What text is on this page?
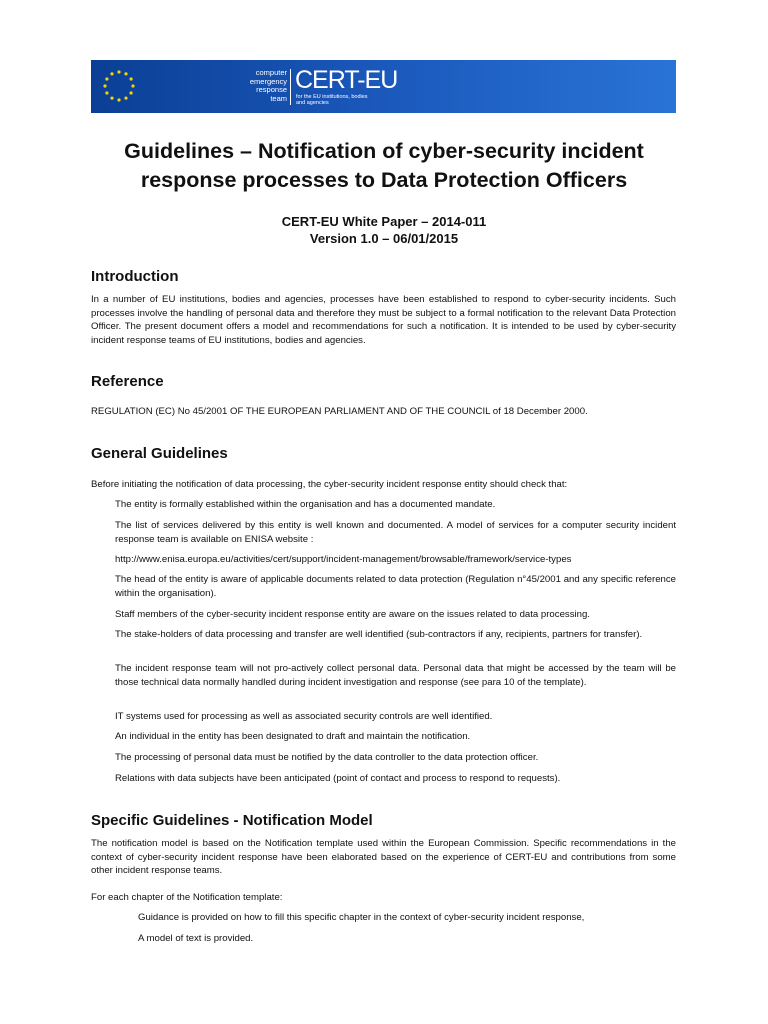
computer
emergency
response
team
CERT-EU
for the EU institutions, bodies
and agencies
Guidelines – Notification of cyber-security incident
response processes to Data Protection Officers
CERT-EU White Paper – 2014-011
Version 1.0 – 06/01/2015
Introduction

In a number of EU institutions, bodies and agencies, processes have been established to respond to cyber-security incidents. Such processes involve the handling of personal data and therefore they must be subject to a formal notification to the relevant Data Protection Officer. The present document offers a model and recommendations for such a notification. It is intended to be used by cyber-security incident response teams of EU institutions, bodies and agencies.

Reference

REGULATION (EC) No 45/2001 OF THE EUROPEAN PARLIAMENT AND OF THE COUNCIL of 18 December 2000.

General Guidelines

Before initiating the notification of data processing, the cyber-security incident response entity should check that:

The entity is formally established within the organisation and has a documented mandate.
The list of services delivered by this entity is well known and documented. A model of services for a computer security incident response team is available on ENISA website :
http://www.enisa.europa.eu/activities/cert/support/incident-management/browsable/framework/service-types
The head of the entity is aware of applicable documents related to data protection (Regulation n°45/2001 and any specific reference within the organisation).
Staff members of the cyber-security incident response entity are aware on the issues related to data processing.
The stake-holders of data processing and transfer are well identified (sub-contractors if any, recipients, partners for transfer).
The incident response team will not pro-actively collect personal data. Personal data that might be accessed by the team will be those technical data normally handled during incident investigation and response (see para 10 of the template).
IT systems used for processing as well as associated security controls are well identified.
An individual in the entity has been designated to draft and maintain the notification.
The processing of personal data must be notified by the data controller to the data protection officer.
Relations with data subjects have been anticipated (point of contact and process to respond to requests).
Specific Guidelines - Notification Model

The notification model is based on the Notification template used within the European Commission. Specific recommendations in the context of cyber-security incident response have been elaborated based on the experience of CERT-EU and contributions from some other incident response teams.

For each chapter of the Notification template:

Guidance is provided on how to fill this specific chapter in the context of cyber-security incident response,
A model of text is provided.
